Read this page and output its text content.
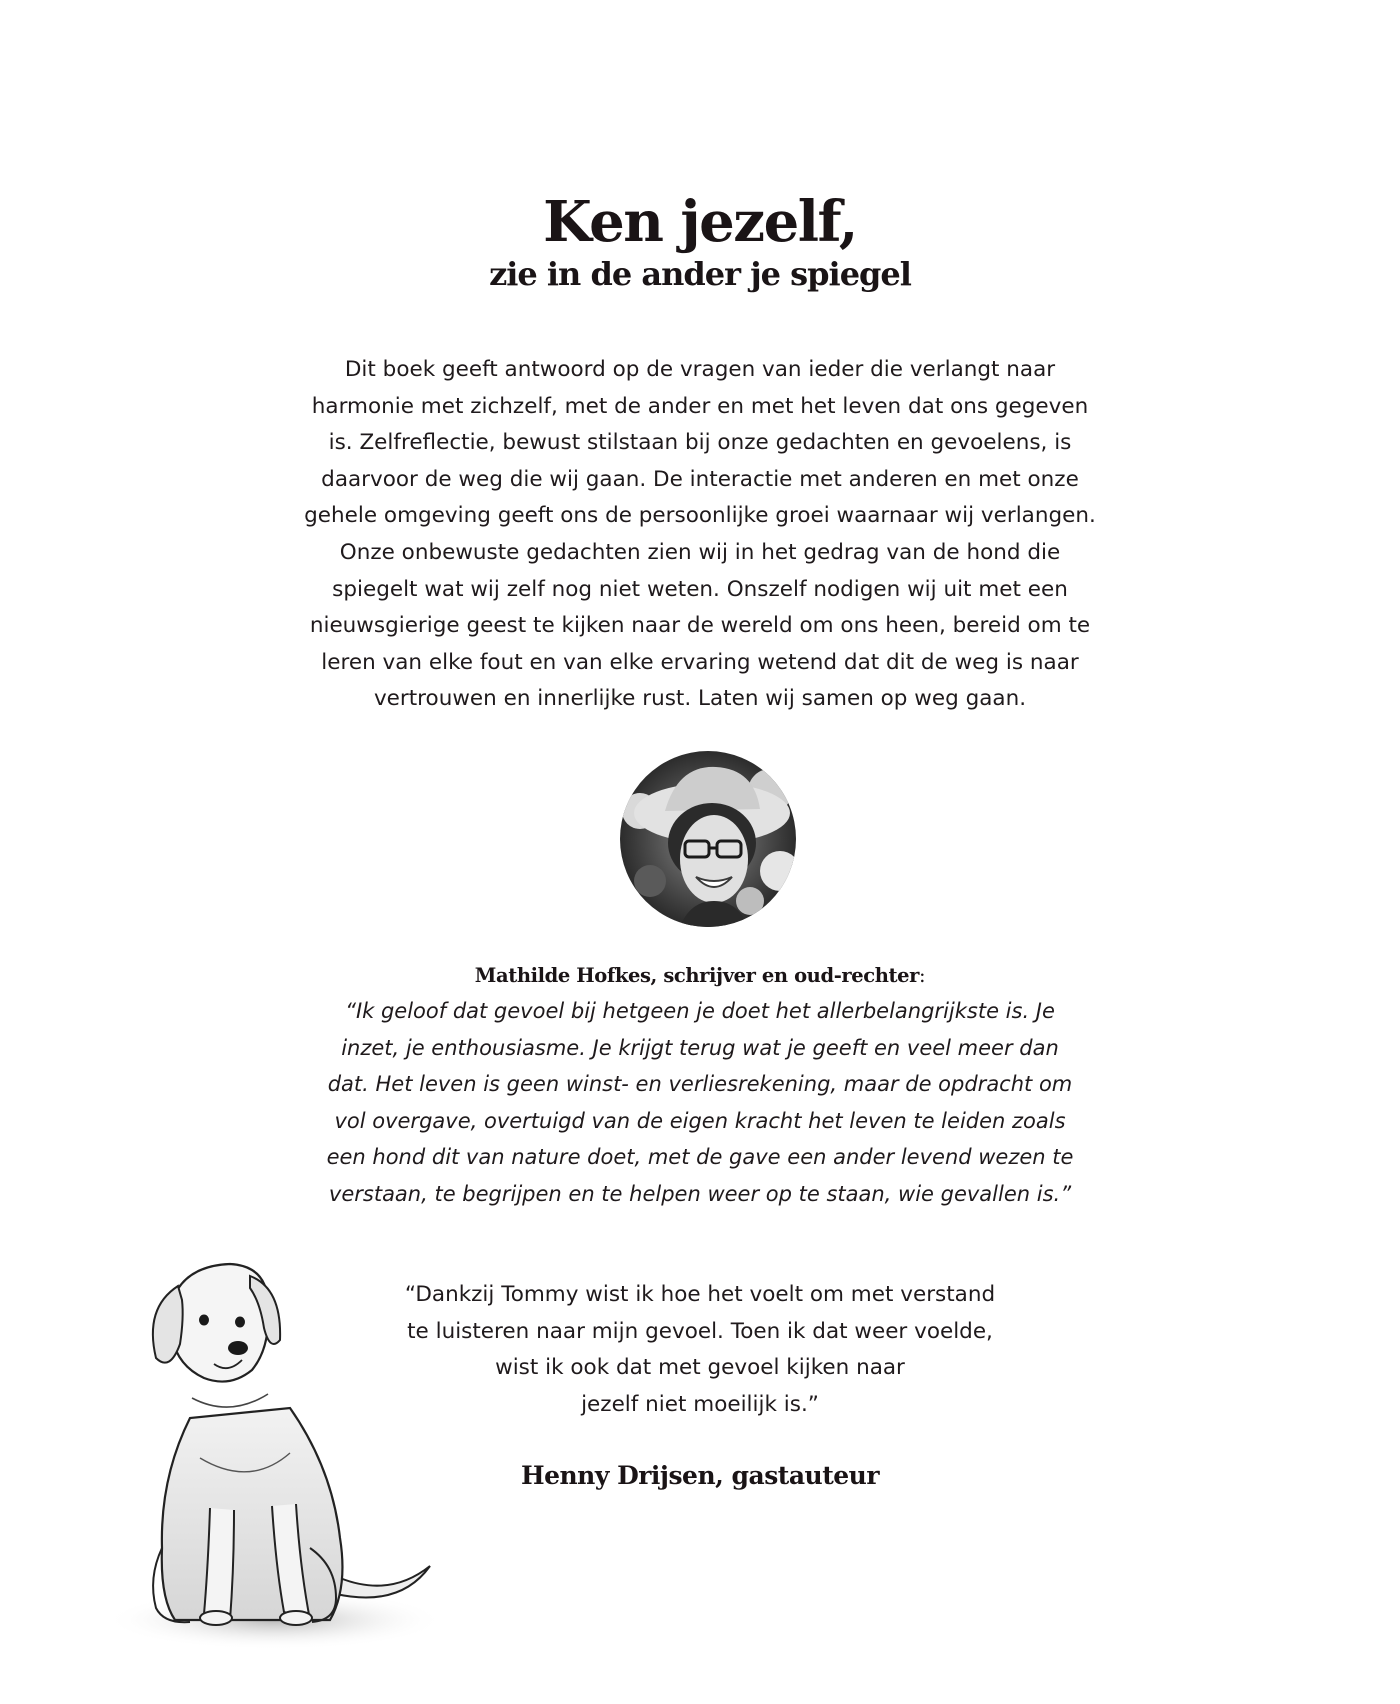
Ken jezelf,
zie in de ander je spiegel
Dit boek geeft antwoord op de vragen van ieder die verlangt naar
harmonie met zichzelf, met de ander en met het leven dat ons gegeven
is. Zelfreflectie, bewust stilstaan bij onze gedachten en gevoelens, is
daarvoor de weg die wij gaan. De interactie met anderen en met onze
gehele omgeving geeft ons de persoonlijke groei waarnaar wij verlangen.
Onze onbewuste gedachten zien wij in het gedrag van de hond die
spiegelt wat wij zelf nog niet weten. Onszelf nodigen wij uit met een
nieuwsgierige geest te kijken naar de wereld om ons heen, bereid om te
leren van elke fout en van elke ervaring wetend dat dit de weg is naar
vertrouwen en innerlijke rust. Laten wij samen op weg gaan.
Mathilde Hofkes, schrijver en oud-rechter:
“Ik geloof dat gevoel bij hetgeen je doet het allerbelangrijkste is. Je
inzet, je enthousiasme. Je krijgt terug wat je geeft en veel meer dan
dat. Het leven is geen winst- en verliesrekening, maar de opdracht om
vol overgave, overtuigd van de eigen kracht het leven te leiden zoals
een hond dit van nature doet, met de gave een ander levend wezen te
verstaan, te begrijpen en te helpen weer op te staan, wie gevallen is.”
“Dankzij Tommy wist ik hoe het voelt om met verstand
te luisteren naar mijn gevoel. Toen ik dat weer voelde,
wist ik ook dat met gevoel kijken naar
jezelf niet moeilijk is.”
Henny Drijsen, gastauteur
